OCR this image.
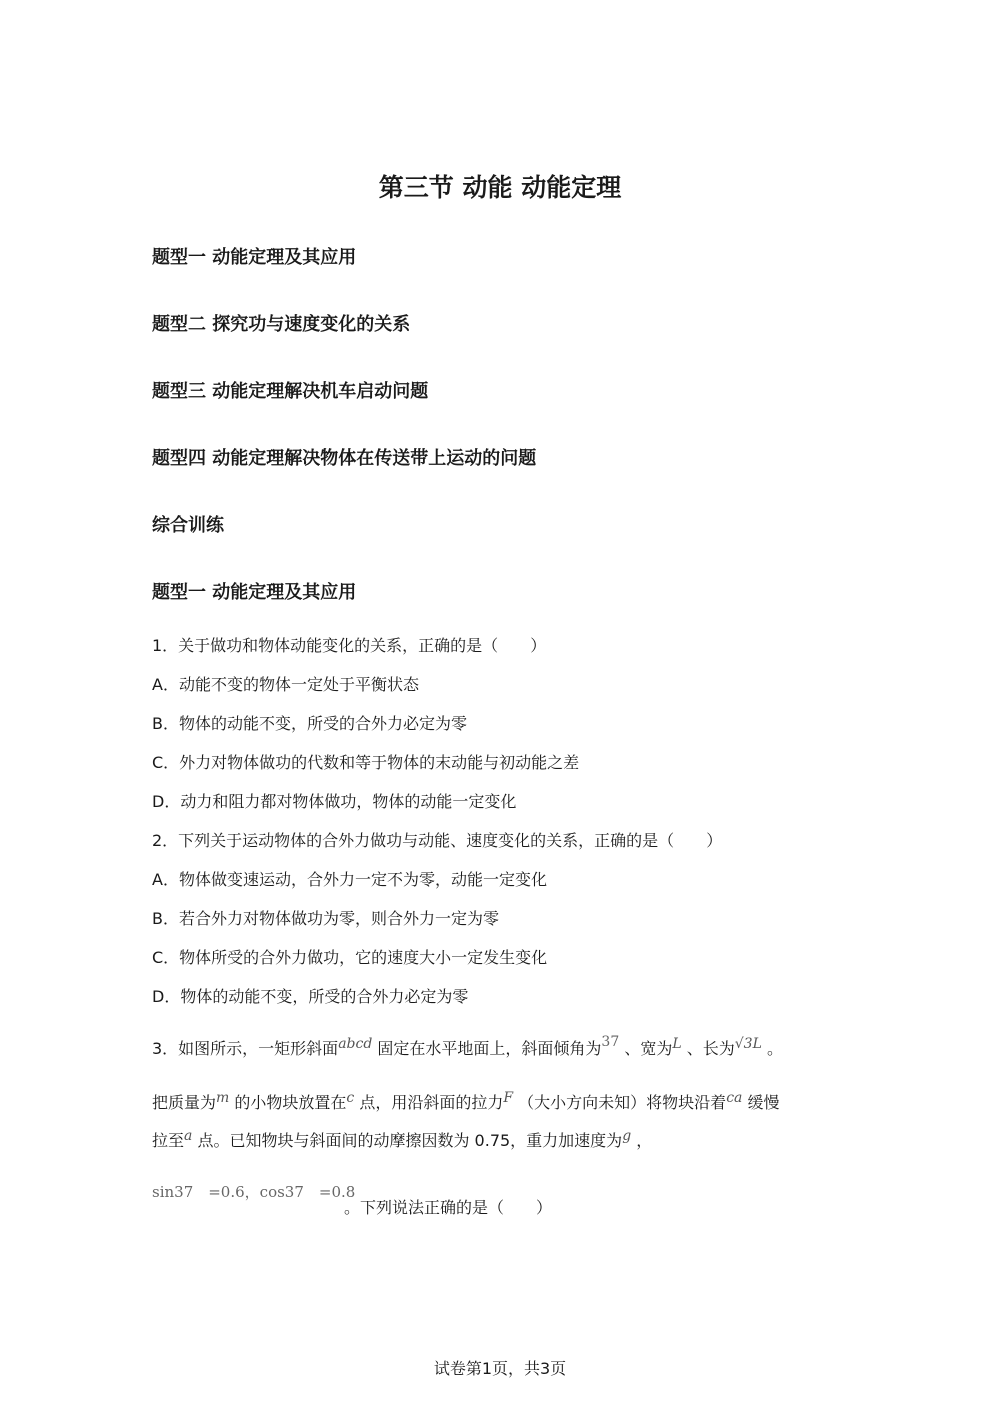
第三节 动能 动能定理
题型一 动能定理及其应用
题型二 探究功与速度变化的关系
题型三 动能定理解决机车启动问题
题型四 动能定理解决物体在传送带上运动的问题
综合训练
题型一 动能定理及其应用
1．关于做功和物体动能变化的关系，正确的是（ ）
A．动能不变的物体一定处于平衡状态
B．物体的动能不变，所受的合外力必定为零
C．外力对物体做功的代数和等于物体的末动能与初动能之差
D．动力和阻力都对物体做功，物体的动能一定变化
2．下列关于运动物体的合外力做功与动能、速度变化的关系，正确的是（ ）
A．物体做变速运动，合外力一定不为零，动能一定变化
B．若合外力对物体做功为零，则合外力一定为零
C．物体所受的合外力做功，它的速度大小一定发生变化
D．物体的动能不变，所受的合外力必定为零
3．如图所示，一矩形斜面abcd 固定在水平地面上，斜面倾角为37 、宽为L 、长为√3L 。
把质量为m 的小物块放置在c 点，用沿斜面的拉力F （大小方向未知）将物块沿着ca 缓慢
拉至a 点。已知物块与斜面间的动摩擦因数为 0.75，重力加速度为g ，
sin37　=0.6，cos37　=0.8
。下列说法正确的是（ ）
试卷第1页，共3页
